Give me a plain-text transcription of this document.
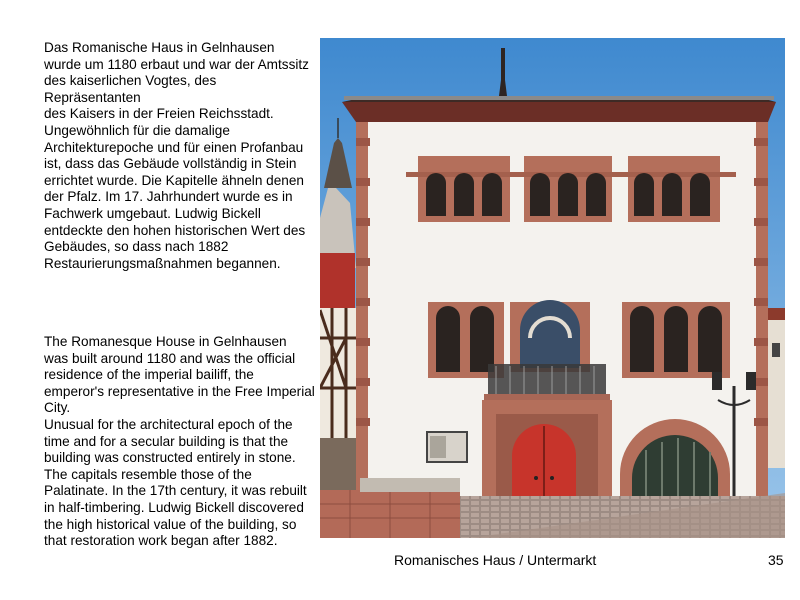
Das Romanische Haus in Gelnhausen
wurde um 1180 erbaut und war der Amtssitz
des kaiserlichen Vogtes, des Repräsentanten
des Kaisers in der Freien Reichsstadt.
Ungewöhnlich für die damalige
Architekturepoche und für einen Profanbau
ist, dass das Gebäude vollständig in Stein
errichtet wurde. Die Kapitelle ähneln denen
der Pfalz. Im 17. Jahrhundert wurde es in
Fachwerk umgebaut. Ludwig Bickell
entdeckte den hohen historischen Wert des
Gebäudes, so dass nach 1882
Restaurierungsmaßnahmen begannen.
The Romanesque House in Gelnhausen
was built around 1180 and was the official
residence of the imperial bailiff, the
emperor's representative in the Free Imperial
City.
Unusual for the architectural epoch of the
time and for a secular building is that the
building was constructed entirely in stone.
The capitals resemble those of the
Palatinate. In the 17th century, it was rebuilt
in half-timbering. Ludwig Bickell discovered
the high historical value of the building, so
that restoration work began after 1882.
Romanisches Haus / Untermarkt	35
